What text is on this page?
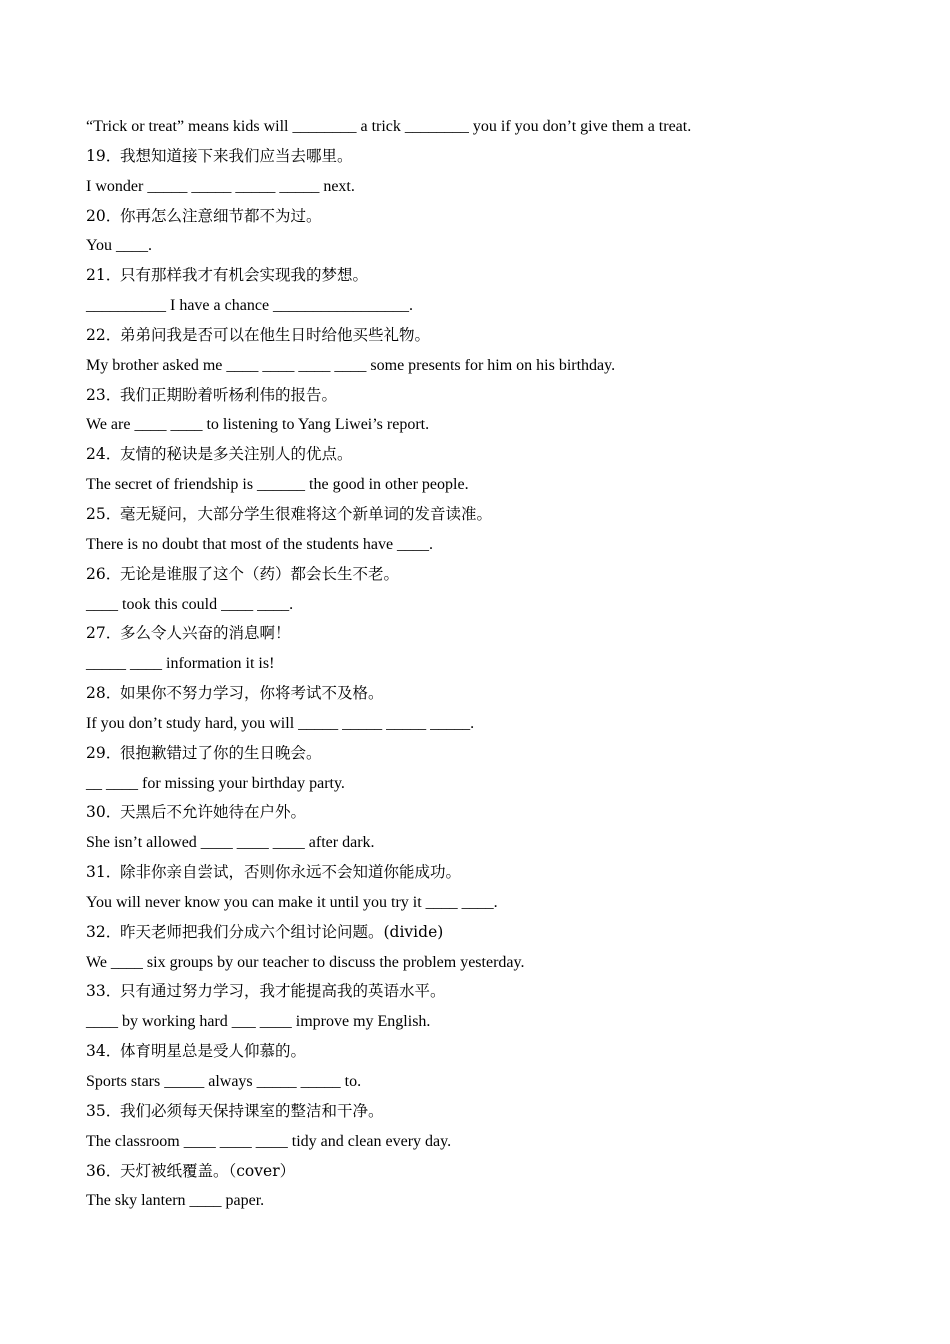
“Trick or treat” means kids will ________ a trick ________ you if you don’t give them a treat.
19．我想知道接下来我们应当去哪里。
I wonder _____ _____ _____ _____ next.
20．你再怎么注意细节都不为过。
You ____.
21．只有那样我才有机会实现我的梦想。
__________ I have a chance _________________.
22．弟弟问我是否可以在他生日时给他买些礼物。
My brother asked me ____ ____ ____ ____ some presents for him on his birthday.
23．我们正期盼着听杨利伟的报告。
We are ____ ____ to listening to Yang Liwei’s report.
24．友情的秘诀是多关注别人的优点。
The secret of friendship is ______ the good in other people.
25．毫无疑问，大部分学生很难将这个新单词的发音读准。
There is no doubt that most of the students have ____.
26．无论是谁服了这个（药）都会长生不老。
____ took this could ____ ____.
27．多么令人兴奋的消息啊！
_____ ____ information it is!
28．如果你不努力学习，你将考试不及格。
If you don’t study hard, you will _____ _____ _____ _____.
29．很抱歉错过了你的生日晚会。
__ ____ for missing your birthday party.
30．天黑后不允许她待在户外。
She isn’t allowed ____ ____ ____ after dark.
31．除非你亲自尝试，否则你永远不会知道你能成功。
You will never know you can make it until you try it ____ ____.
32．昨天老师把我们分成六个组讨论问题。(divide)
We ____ six groups by our teacher to discuss the problem yesterday.
33．只有通过努力学习，我才能提高我的英语水平。
____ by working hard ___ ____ improve my English.
34．体育明星总是受人仰慕的。
Sports stars _____ always _____ _____ to.
35．我们必须每天保持课室的整洁和干净。
The classroom ____ ____ ____ tidy and clean every day.
36．天灯被纸覆盖。（cover）
The sky lantern ____ paper.
